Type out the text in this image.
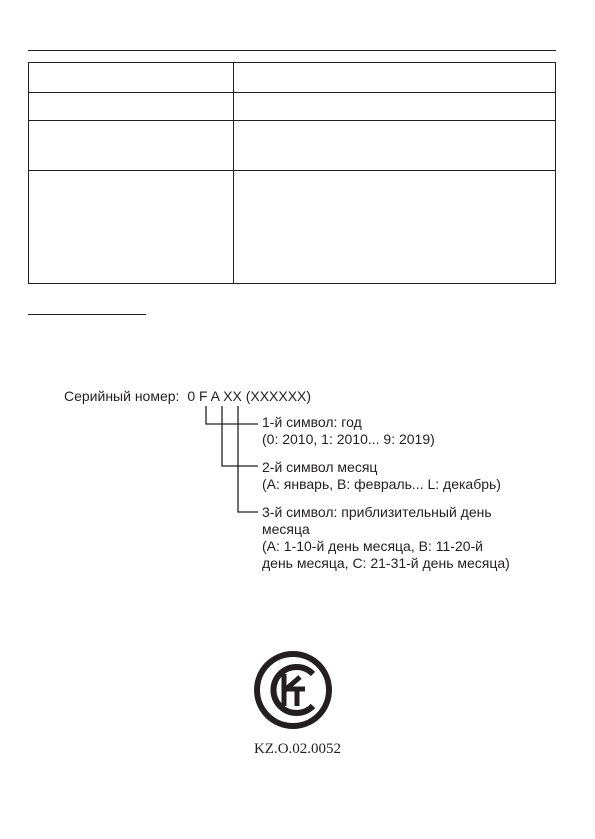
Серийный номер: 0 F A XX (XXXXXX)
1-й символ: год
(0: 2010, 1: 2010... 9: 2019)
2-й символ месяц
(A: январь, B: февраль... L: декабрь)
3-й символ: приблизительный день
месяца
(A: 1-10-й день месяца, B: 11-20-й
день месяца, C: 21-31-й день месяца)
KZ.O.02.0052
